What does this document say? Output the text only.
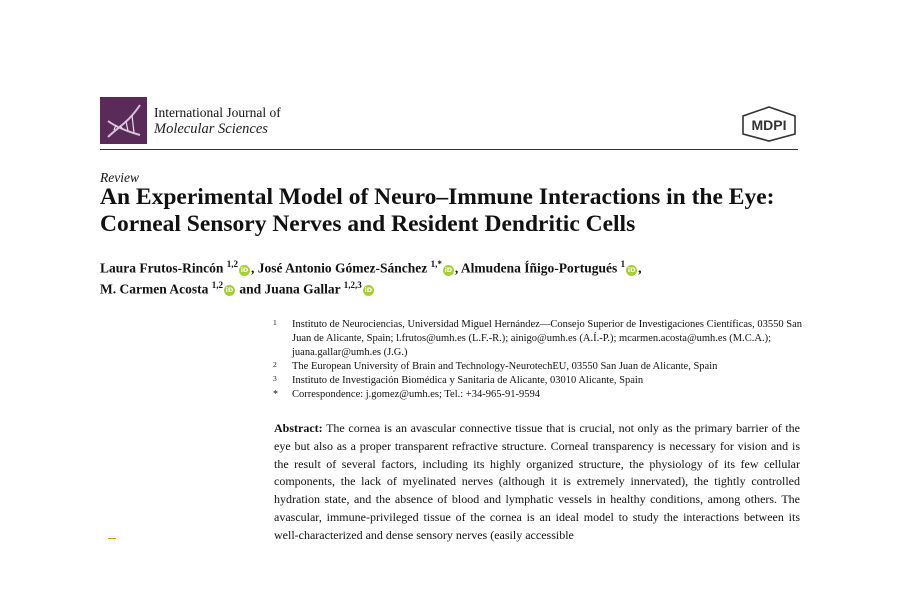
International Journal of
Molecular Sciences	MDPI
Review
An Experimental Model of Neuro–Immune Interactions in the Eye: Corneal Sensory Nerves and Resident Dendritic Cells
Laura Frutos-Rincón $^{1,2}$iD , José Antonio Gómez-Sánchez $^{1,*}$iD , Almudena Íñigo-Portugués $^1$iD ,
M. Carmen Acosta $^{1,2}$iD and Juana Gallar $^{1,2,3}$iD
1 Instituto de Neurociencias, Universidad Miguel Hernández—Consejo Superior de Investigaciones Científicas, 03550 San Juan de Alicante, Spain; l.frutos@umh.es (L.F.-R.); ainigo@umh.es (A.Í.-P.); mcarmen.acosta@umh.es (M.C.A.); juana.gallar@umh.es (J.G.)
2 The European University of Brain and Technology-NeurotechEU, 03550 San Juan de Alicante, Spain
3 Instituto de Investigación Biomédica y Sanitaria de Alicante, 03010 Alicante, Spain
* Correspondence: j.gomez@umh.es; Tel.: +34-965-91-9594

Abstract: The cornea is an avascular connective tissue that is crucial, not only as the primary barrier of the eye but also as a proper transparent refractive structure. Corneal transparency is necessary for vision and is the result of several factors, including its highly organized structure, the physiology of its few cellular components, the lack of myelinated nerves (although it is extremely innervated), the tightly controlled hydration state, and the absence of blood and lymphatic vessels in healthy conditions, among others. The avascular, immune-privileged tissue of the cornea is an ideal model to study the interactions between its well-characterized and dense sensory nerves (easily accessible
